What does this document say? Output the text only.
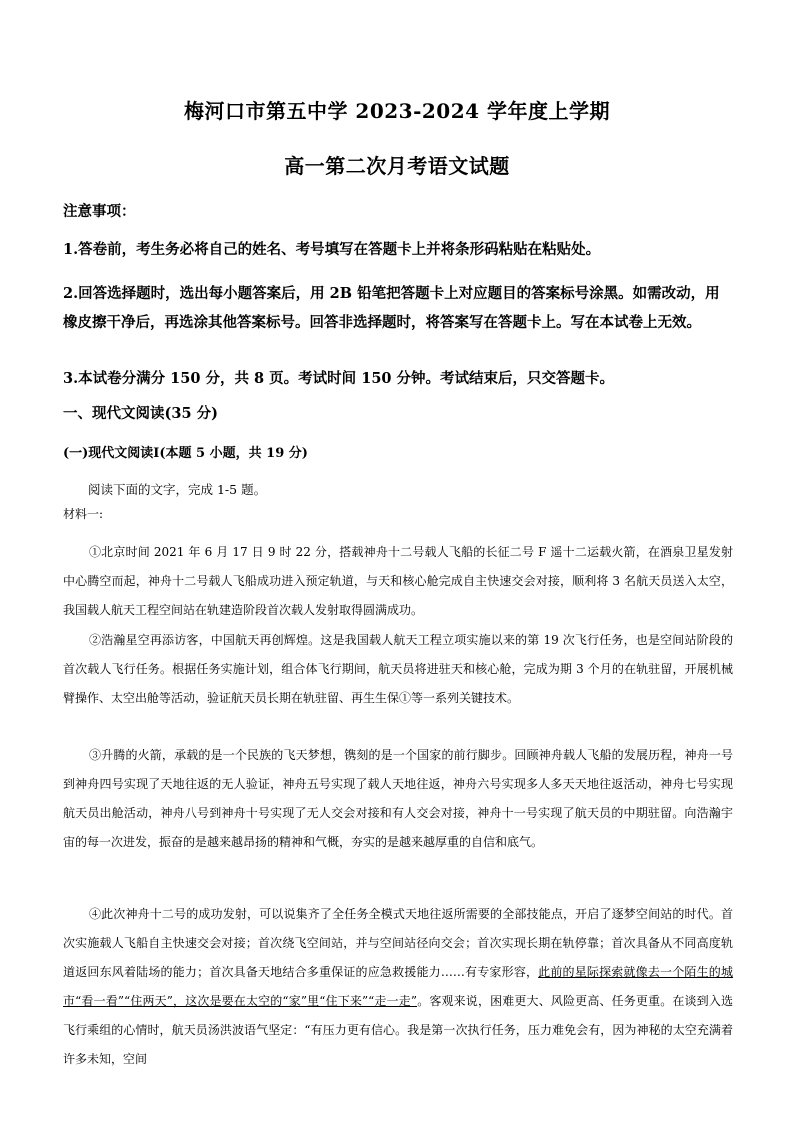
梅河口市第五中学 2023-2024 学年度上学期
高一第二次月考语文试题
注意事项：
1.答卷前，考生务必将自己的姓名、考号填写在答题卡上并将条形码粘贴在粘贴处。
2.回答选择题时，选出每小题答案后，用 2B 铅笔把答题卡上对应题目的答案标号涂黑。如需改动，用橡皮擦干净后，再选涂其他答案标号。回答非选择题时，将答案写在答题卡上。写在本试卷上无效。
3.本试卷分满分 150 分，共 8 页。考试时间 150 分钟。考试结束后，只交答题卡。
一、现代文阅读(35 分)
(一)现代文阅读Ⅰ(本题 5 小题，共 19 分)
阅读下面的文字，完成 1-5 题。
材料一:
①北京时间 2021 年 6 月 17 日 9 时 22 分，搭载神舟十二号载人飞船的长征二号 F 遥十二运载火箭，在酒泉卫星发射中心腾空而起，神舟十二号载人飞船成功进入预定轨道，与天和核心舱完成自主快速交会对接，顺利将 3 名航天员送入太空，我国载人航天工程空间站在轨建造阶段首次载人发射取得圆满成功。
②浩瀚星空再添访客，中国航天再创辉煌。这是我国载人航天工程立项实施以来的第 19 次飞行任务，也是空间站阶段的首次载人飞行任务。根据任务实施计划，组合体飞行期间，航天员将进驻天和核心舱，完成为期 3 个月的在轨驻留，开展机械臂操作、太空出舱等活动，验证航天员长期在轨驻留、再生生保①等一系列关键技术。
③升腾的火箭，承载的是一个民族的飞天梦想，镌刻的是一个国家的前行脚步。回顾神舟载人飞船的发展历程，神舟一号到神舟四号实现了天地往返的无人验证，神舟五号实现了载人天地往返，神舟六号实现多人多天天地往返活动，神舟七号实现航天员出舱活动，神舟八号到神舟十号实现了无人交会对接和有人交会对接，神舟十一号实现了航天员的中期驻留。向浩瀚宇宙的每一次进发，振奋的是越来越昂扬的精神和气概，夯实的是越来越厚重的自信和底气。
④此次神舟十二号的成功发射，可以说集齐了全任务全模式天地往返所需要的全部技能点，开启了逐梦空间站的时代。首次实施载人飞船自主快速交会对接；首次绕飞空间站，并与空间站径向交会；首次实现长期在轨停靠；首次具备从不同高度轨道返回东风着陆场的能力；首次具备天地结合多重保证的应急救援能力……有专家形容，此前的星际探索就像去一个陌生的城市“看一看”“住两天”，这次是要在太空的“家”里“住下来”“走一走”。客观来说，困难更大、风险更高、任务更重。在谈到入选飞行乘组的心情时，航天员汤洪波语气坚定：“有压力更有信心。我是第一次执行任务，压力难免会有，因为神秘的太空充满着许多未知，空间
